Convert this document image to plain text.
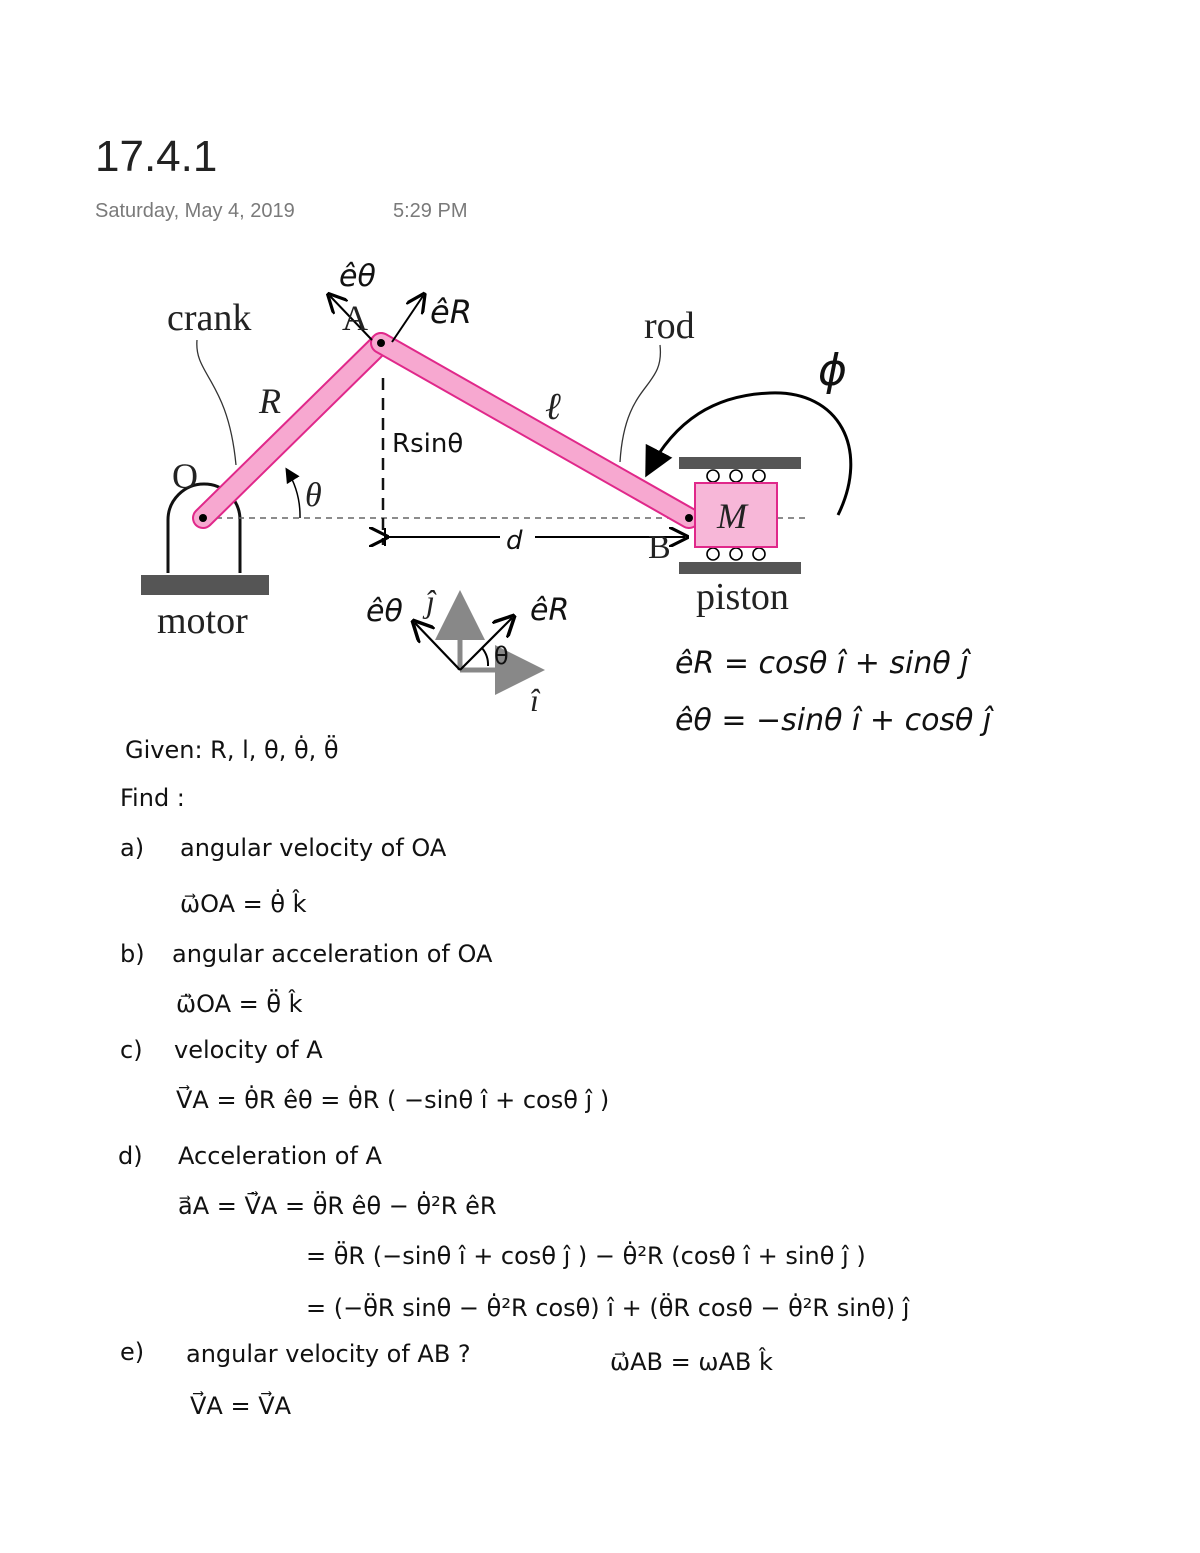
17.4.1
Saturday, May 4, 2019	5:29 PM
crank	rod
motor
piston
O
A
B
M
R	ℓ
θ
ĵ
î
Rsinθ
d
ϕ
êθ
êR
êθ	êR
θ	êR = cosθ î + sinθ ĵ
êθ = −sinθ î + cosθ ĵ
Given: R, l, θ, θ̇, θ̈
Find :
a) angular velocity of OA
ω⃗OA = θ̇ k̂
b) angular acceleration of OA
ω̇⃗OA = θ̈ k̂
c) velocity of A
V⃗A = θ̇R êθ = θ̇R ( −sinθ î + cosθ ĵ )
d) Acceleration of A
a⃗A = V̇⃗A = θ̈R êθ − θ̇²R êR
= θ̈R (−sinθ î + cosθ ĵ ) − θ̇²R (cosθ î + sinθ ĵ )
= (−θ̈R sinθ − θ̇²R cosθ) î + (θ̈R cosθ − θ̇²R sinθ) ĵ
e) angular velocity of AB ?	ω⃗AB = ωAB k̂
V⃗A = V⃗A
